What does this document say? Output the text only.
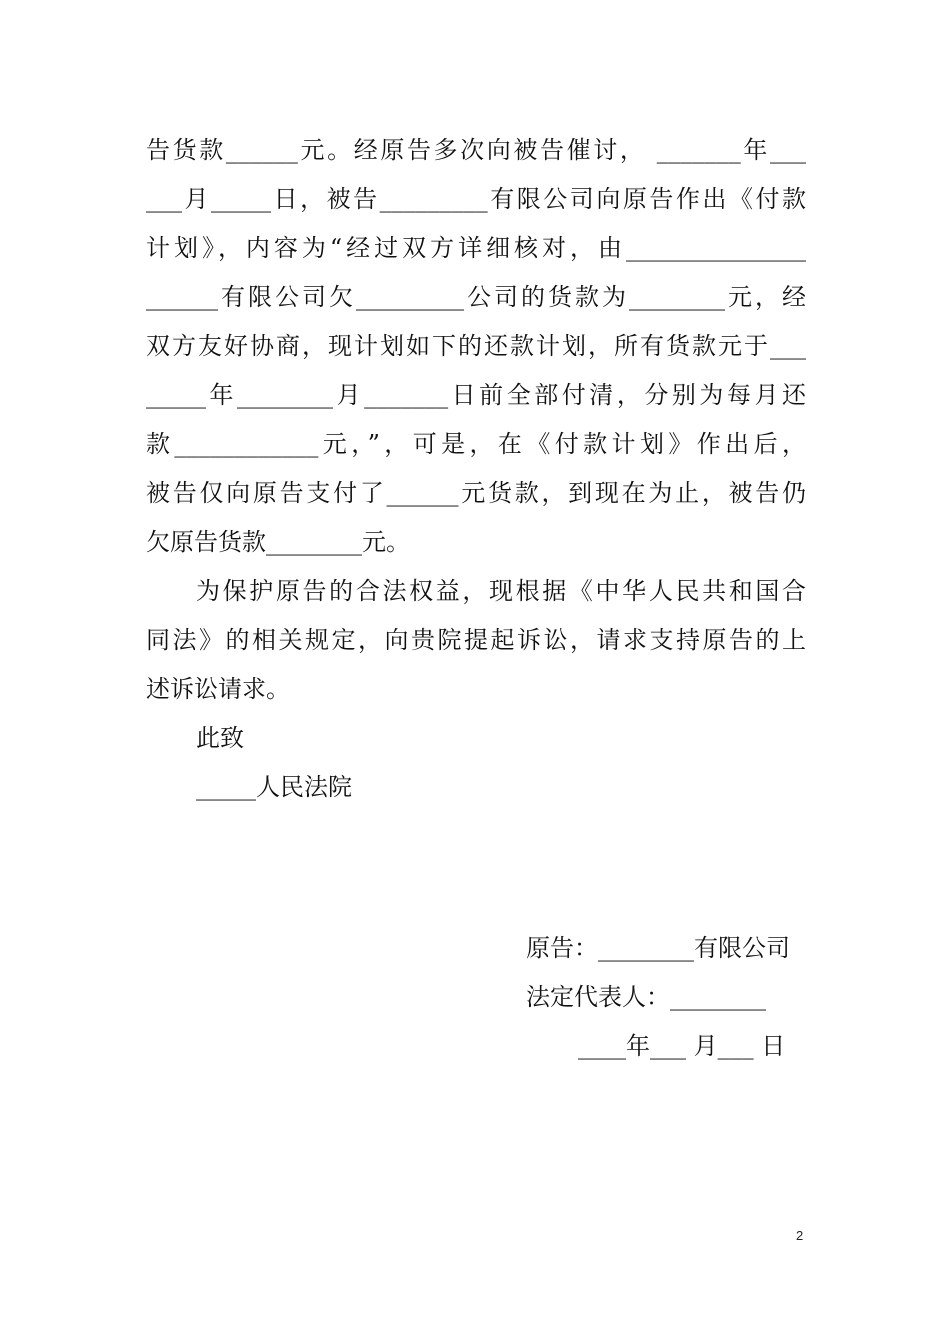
告货款______元。经原告多次向被告催讨， _______年___
___月_____日，被告_________有限公司向原告作出《付款
计划》，内容为“经过双方详细核对，由_______________
______有限公司欠_________公司的货款为________元，经
双方友好协商，现计划如下的还款计划，所有货款元于___
_____年________月_______日前全部付清，分别为每月还
款____________元，”，可是，在《付款计划》作出后，
被告仅向原告支付了______元货款，到现在为止，被告仍
欠原告货款________元。
为保护原告的合法权益，现根据《中华人民共和国合
同法》的相关规定，向贵院提起诉讼，请求支持原告的上
述诉讼请求。
此致
_____人民法院
原告：________有限公司
法定代表人：________
____年___ 月___ 日
2
